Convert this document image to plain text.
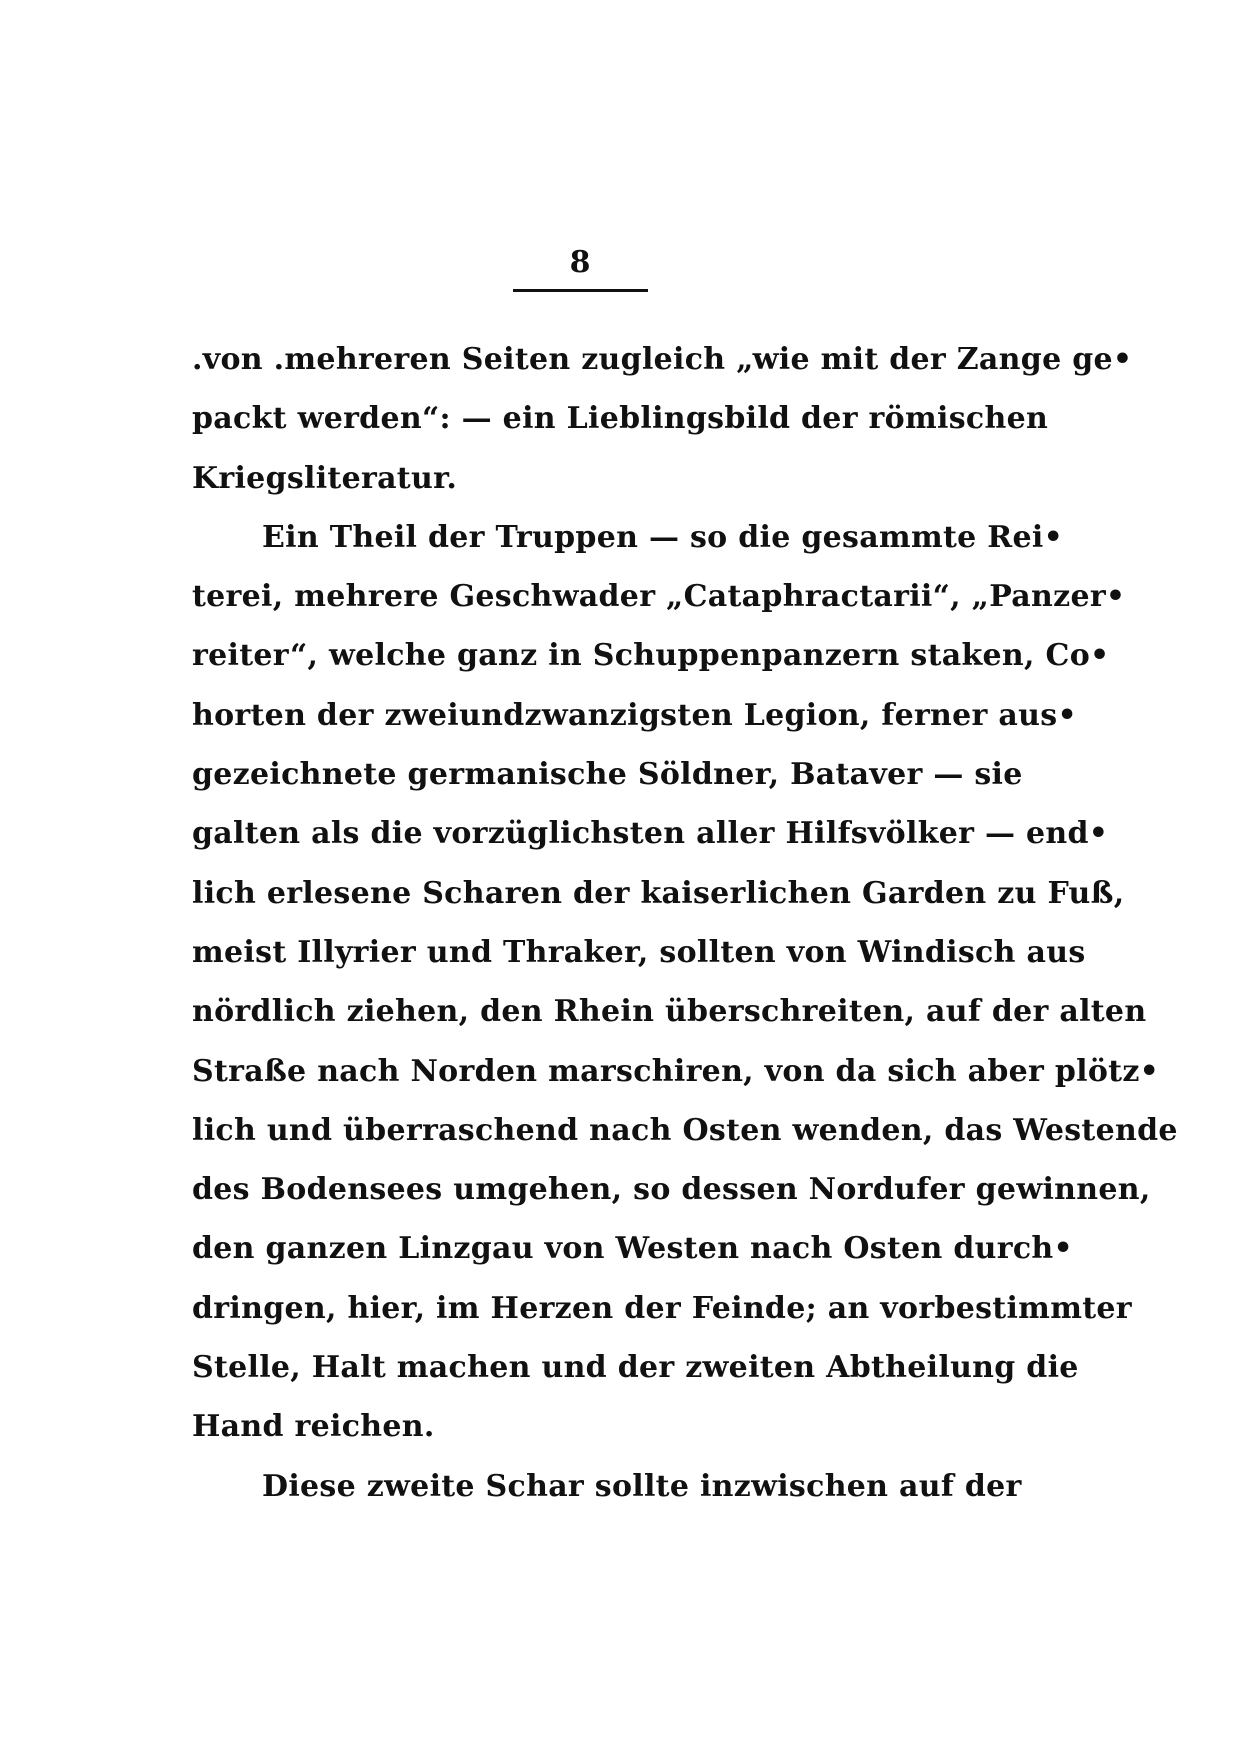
8
.von .mehreren Seiten zugleich „wie mit der Zange ge•
packt werden“: — ein Lieblingsbild der römischen
Kriegsliteratur.
Ein Theil der Truppen — so die gesammte Rei•
terei, mehrere Geschwader „Cataphractarii“, „Panzer•
reiter“, welche ganz in Schuppenpanzern staken, Co•
horten der zweiundzwanzigsten Legion, ferner aus•
gezeichnete germanische Söldner, Bataver — sie
galten als die vorzüglichsten aller Hilfsvölker — end•
lich erlesene Scharen der kaiserlichen Garden zu Fuß,
meist Illyrier und Thraker, sollten von Windisch aus
nördlich ziehen, den Rhein überschreiten, auf der alten
Straße nach Norden marschiren, von da sich aber plötz•
lich und überraschend nach Osten wenden, das Westende
des Bodensees umgehen, so dessen Nordufer gewinnen,
den ganzen Linzgau von Westen nach Osten durch•
dringen, hier, im Herzen der Feinde; an vorbestimmter
Stelle, Halt machen und der zweiten Abtheilung die
Hand reichen.
Diese zweite Schar sollte inzwischen auf der
